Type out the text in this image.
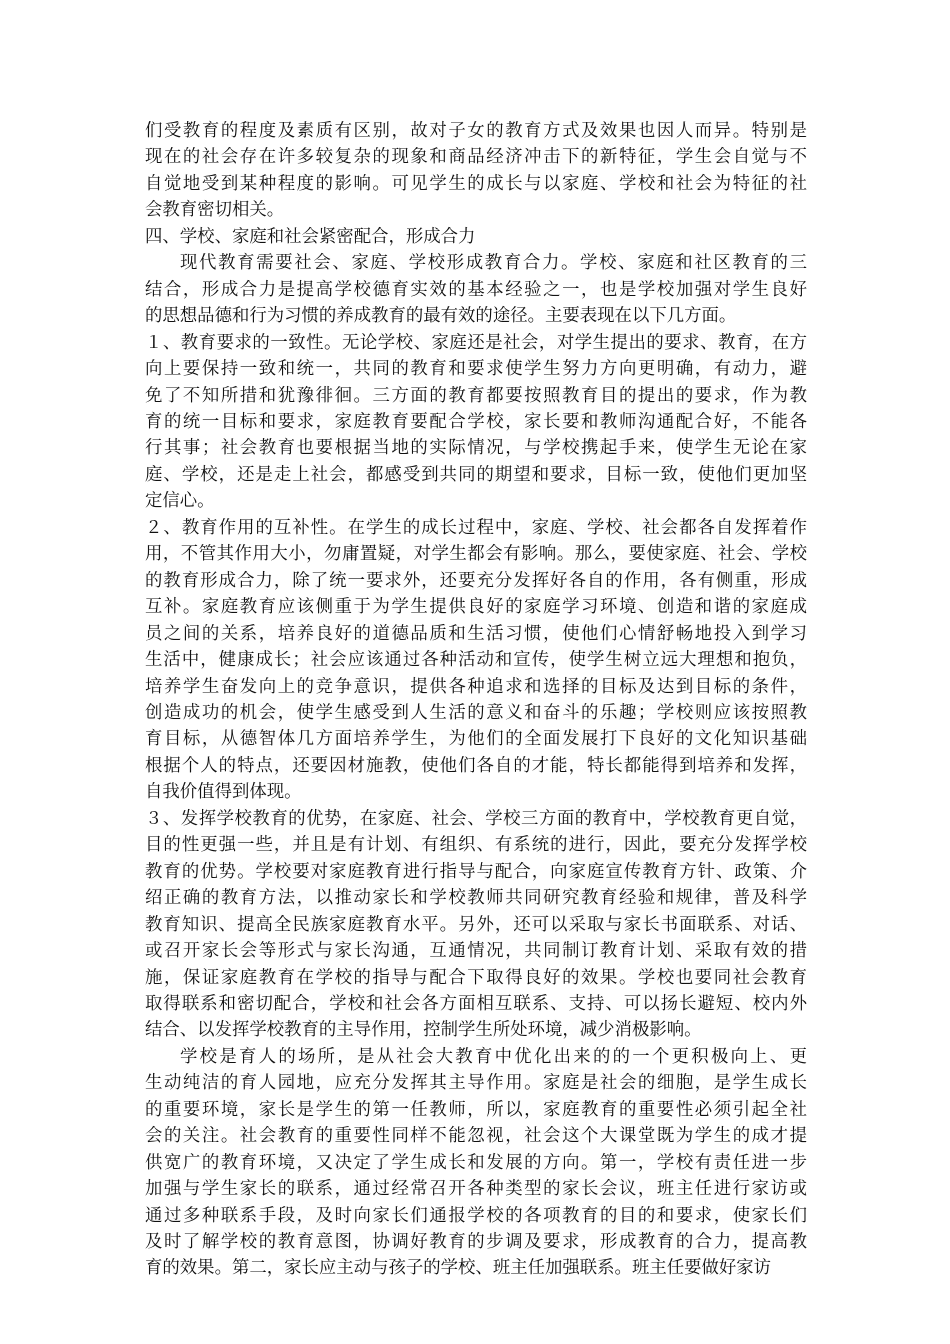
们受教育的程度及素质有区别，故对子女的教育方式及效果也因人而异。特别是
现在的社会存在许多较复杂的现象和商品经济冲击下的新特征，学生会自觉与不
自觉地受到某种程度的影响。可见学生的成长与以家庭、学校和社会为特征的社
会教育密切相关。
四、学校、家庭和社会紧密配合，形成合力
现代教育需要社会、家庭、学校形成教育合力。学校、家庭和社区教育的三
结合，形成合力是提高学校德育实效的基本经验之一，也是学校加强对学生良好
的思想品德和行为习惯的养成教育的最有效的途径。主要表现在以下几方面。
１、教育要求的一致性。无论学校、家庭还是社会，对学生提出的要求、教育，在方
向上要保持一致和统一，共同的教育和要求使学生努力方向更明确，有动力，避
免了不知所措和犹豫徘徊。三方面的教育都要按照教育目的提出的要求，作为教
育的统一目标和要求，家庭教育要配合学校，家长要和教师沟通配合好，不能各
行其事；社会教育也要根据当地的实际情况，与学校携起手来，使学生无论在家
庭、学校，还是走上社会，都感受到共同的期望和要求，目标一致，使他们更加坚
定信心。
２、教育作用的互补性。在学生的成长过程中，家庭、学校、社会都各自发挥着作
用，不管其作用大小，勿庸置疑，对学生都会有影响。那么，要使家庭、社会、学校
的教育形成合力，除了统一要求外，还要充分发挥好各自的作用，各有侧重，形成
互补。家庭教育应该侧重于为学生提供良好的家庭学习环境、创造和谐的家庭成
员之间的关系，培养良好的道德品质和生活习惯，使他们心情舒畅地投入到学习
生活中，健康成长；社会应该通过各种活动和宣传，使学生树立远大理想和抱负，
培养学生奋发向上的竞争意识，提供各种追求和选择的目标及达到目标的条件，
创造成功的机会，使学生感受到人生活的意义和奋斗的乐趣；学校则应该按照教
育目标，从德智体几方面培养学生，为他们的全面发展打下良好的文化知识基础
根据个人的特点，还要因材施教，使他们各自的才能，特长都能得到培养和发挥，
自我价值得到体现。
３、发挥学校教育的优势，在家庭、社会、学校三方面的教育中，学校教育更自觉，
目的性更强一些，并且是有计划、有组织、有系统的进行，因此，要充分发挥学校
教育的优势。学校要对家庭教育进行指导与配合，向家庭宣传教育方针、政策、介
绍正确的教育方法，以推动家长和学校教师共同研究教育经验和规律，普及科学
教育知识、提高全民族家庭教育水平。另外，还可以采取与家长书面联系、对话、
或召开家长会等形式与家长沟通，互通情况，共同制订教育计划、采取有效的措
施，保证家庭教育在学校的指导与配合下取得良好的效果。学校也要同社会教育
取得联系和密切配合，学校和社会各方面相互联系、支持、可以扬长避短、校内外
结合、以发挥学校教育的主导作用，控制学生所处环境，减少消极影响。
学校是育人的场所，是从社会大教育中优化出来的的一个更积极向上、更
生动纯洁的育人园地，应充分发挥其主导作用。家庭是社会的细胞，是学生成长
的重要环境，家长是学生的第一任教师，所以，家庭教育的重要性必须引起全社
会的关注。社会教育的重要性同样不能忽视，社会这个大课堂既为学生的成才提
供宽广的教育环境，又决定了学生成长和发展的方向。第一，学校有责任进一步
加强与学生家长的联系，通过经常召开各种类型的家长会议，班主任进行家访或
通过多种联系手段，及时向家长们通报学校的各项教育的目的和要求，使家长们
及时了解学校的教育意图，协调好教育的步调及要求，形成教育的合力，提高教
育的效果。第二，家长应主动与孩子的学校、班主任加强联系。班主任要做好家访
